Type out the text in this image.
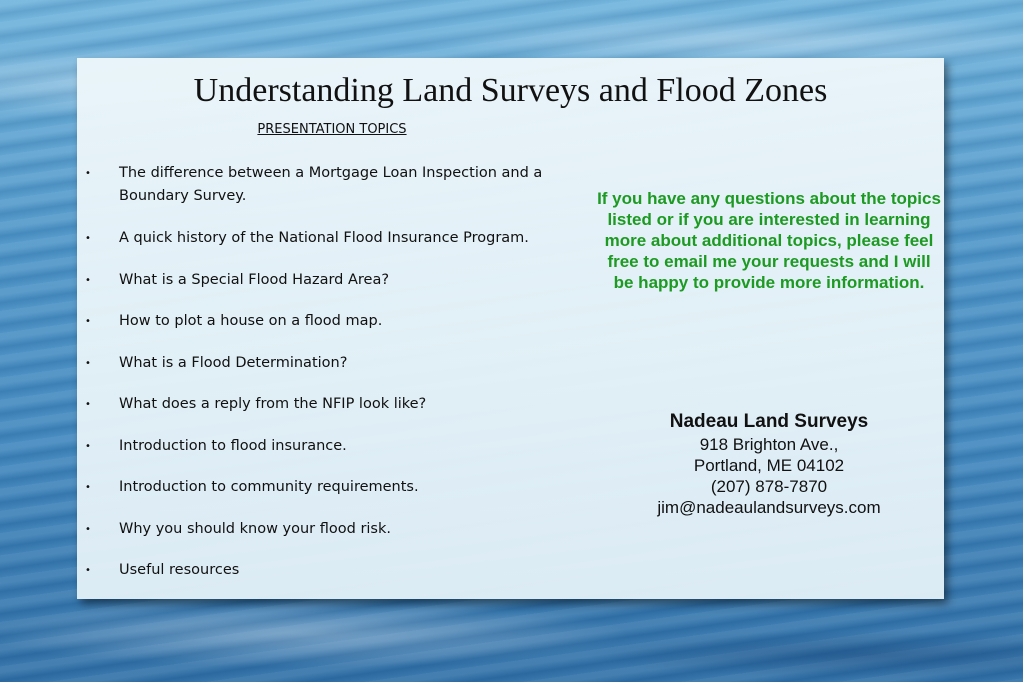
Understanding Land Surveys and Flood Zones
PRESENTATION TOPICS
• The difference between a Mortgage Loan Inspection and a Boundary Survey.
• A quick history of the National Flood Insurance Program.
• What is a Special Flood Hazard Area?
• How to plot a house on a flood map.
• What is a Flood Determination?
• What does a reply from the NFIP look like?
• Introduction to flood insurance.
• Introduction to community requirements.
• Why you should know your flood risk.
• Useful resources
If you have any questions about the topics listed or if you are interested in learning more about additional topics, please feel free to email me your requests and I will be happy to provide more information.
Nadeau Land Surveys
918 Brighton Ave.,
Portland, ME 04102
(207) 878-7870
jim@nadeaulandsurveys.com
